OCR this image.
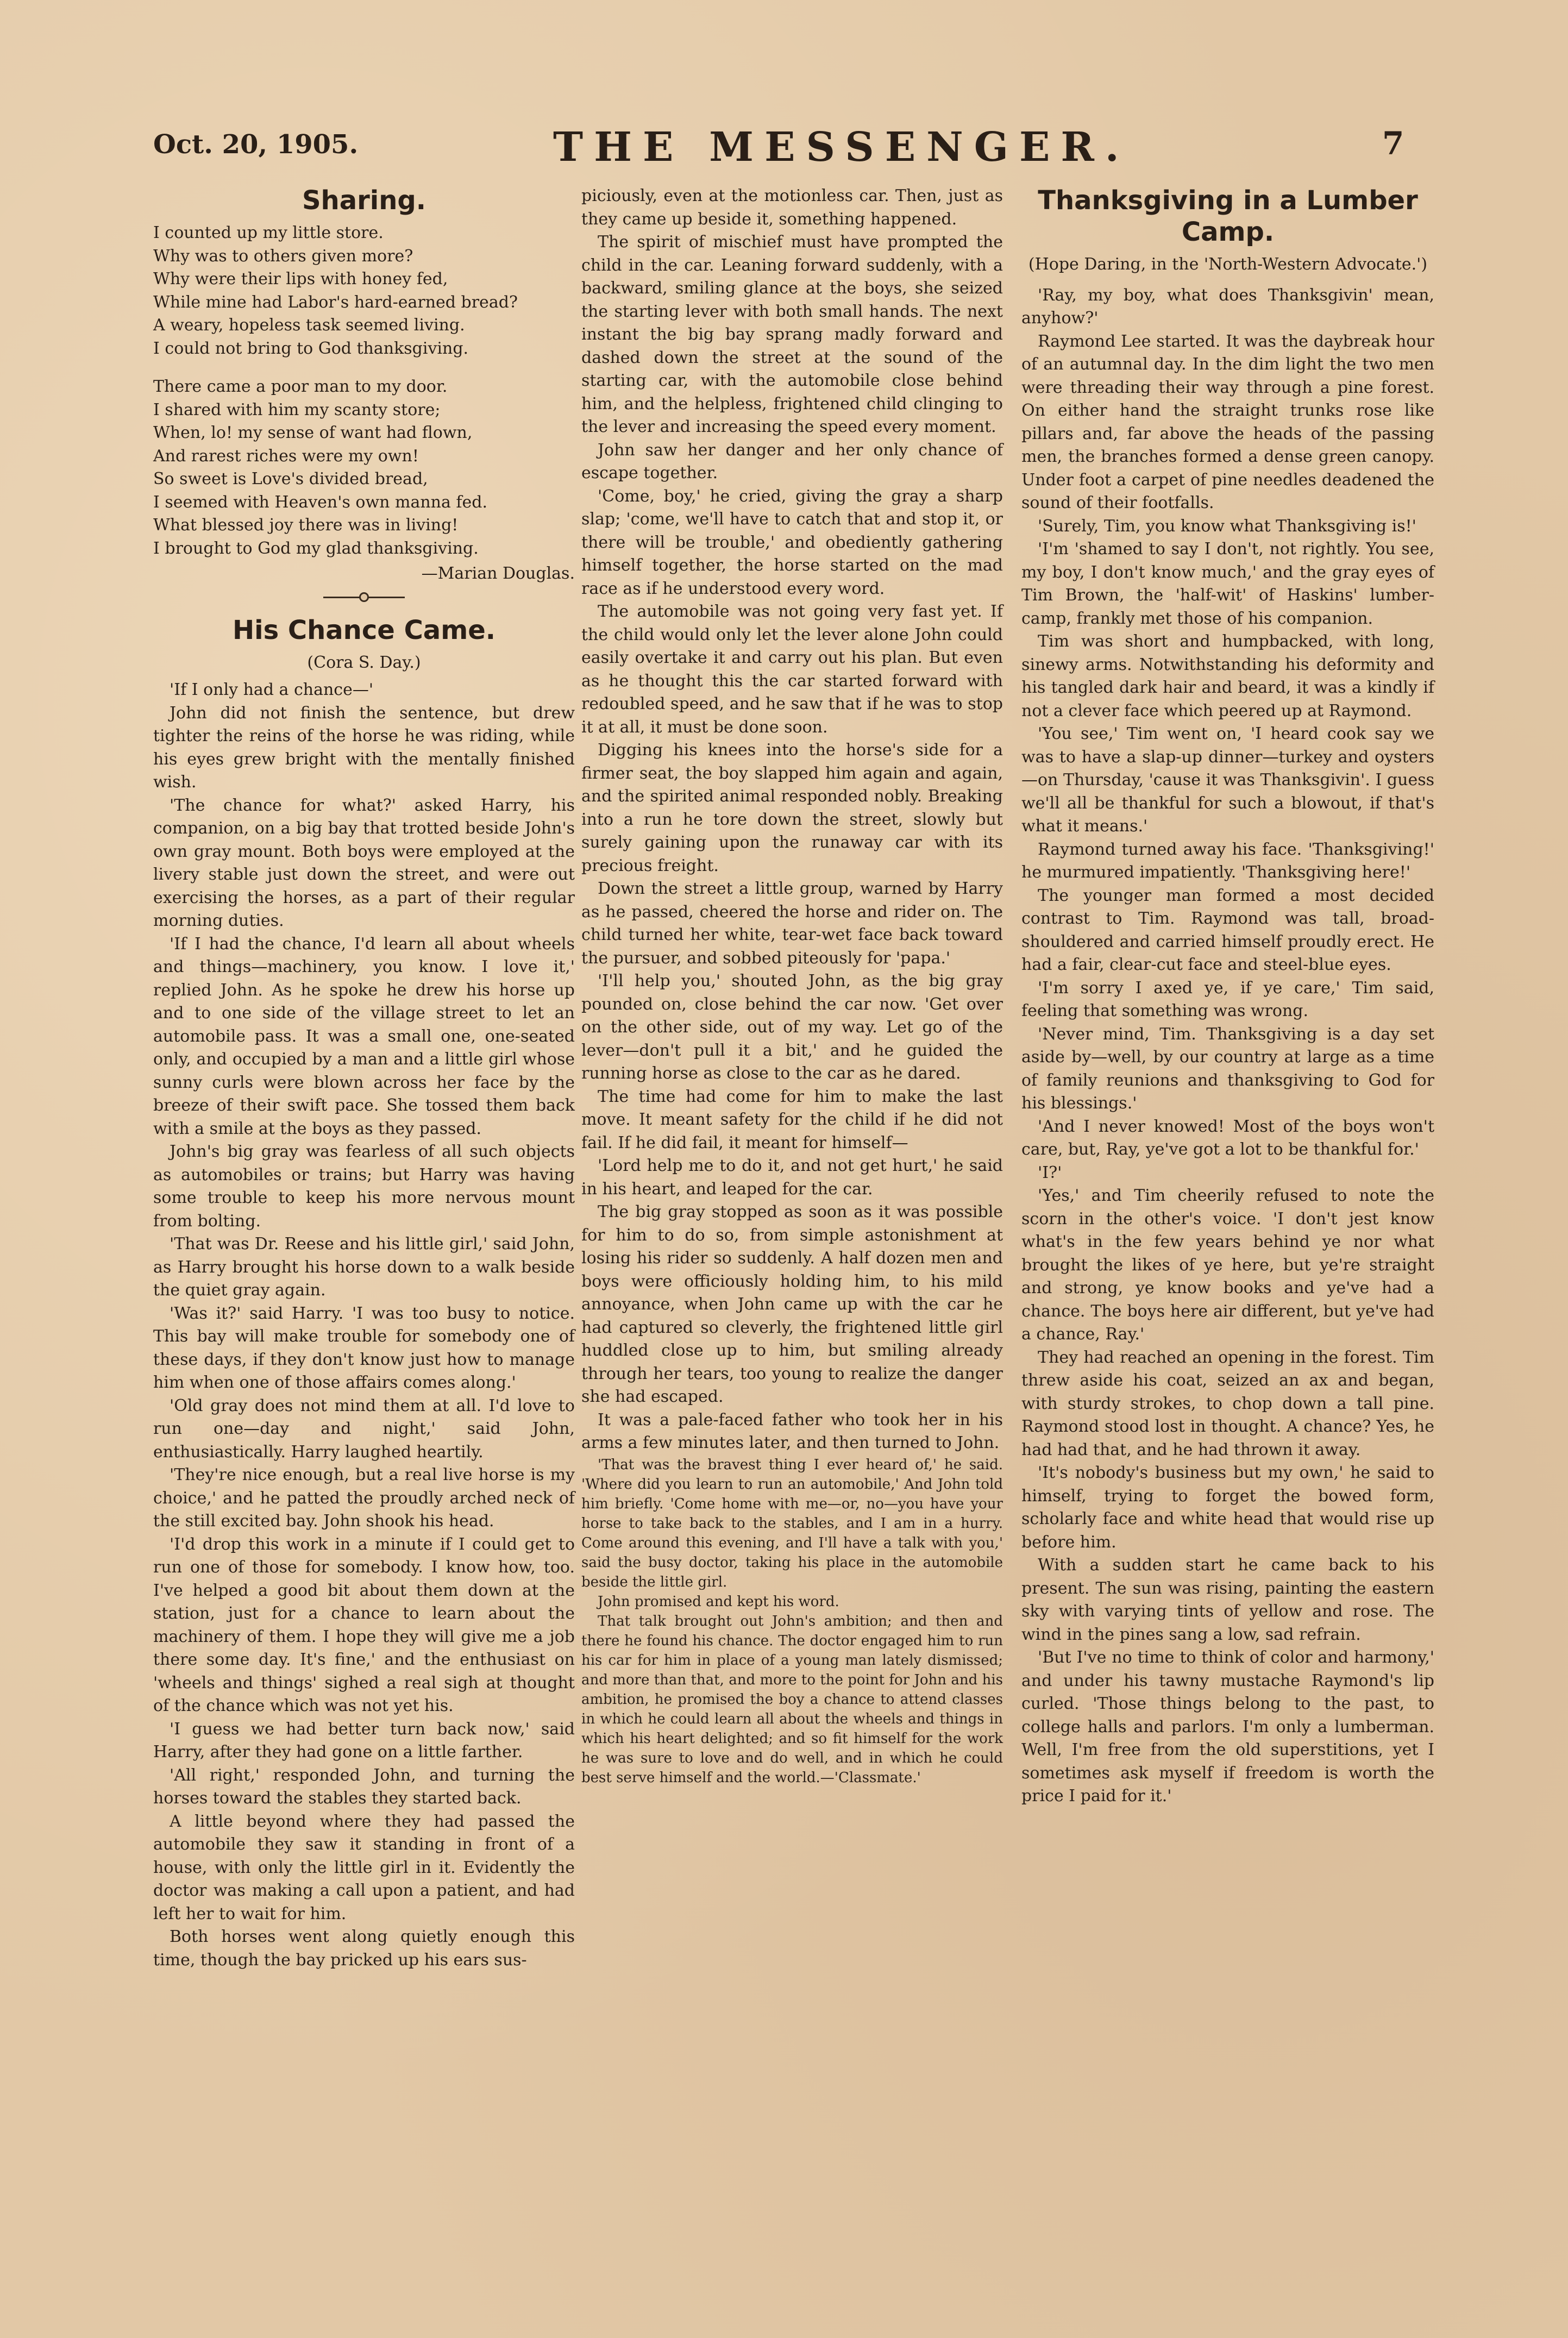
Oct. 20, 1905.	THE MESSENGER.	7
Sharing.
I counted up my little store.
Why was to others given more?
Why were their lips with honey fed,
While mine had Labor's hard-earned bread?
A weary, hopeless task seemed living.
I could not bring to God thanksgiving.
There came a poor man to my door.
I shared with him my scanty store;
When, lo! my sense of want had flown,
And rarest riches were my own!
So sweet is Love's divided bread,
I seemed with Heaven's own manna fed.
What blessed joy there was in living!
I brought to God my glad thanksgiving.
—Marian Douglas.
His Chance Came.
(Cora S. Day.)

'If I only had a chance—'

John did not finish the sentence, but drew tighter the reins of the horse he was riding, while his eyes grew bright with the mentally finished wish.

'The chance for what?' asked Harry, his companion, on a big bay that trotted beside John's own gray mount. Both boys were employed at the livery stable just down the street, and were out exercising the horses, as a part of their regular morning duties.

'If I had the chance, I'd learn all about wheels and things—machinery, you know. I love it,' replied John. As he spoke he drew his horse up and to one side of the village street to let an automobile pass. It was a small one, one-seated only, and occupied by a man and a little girl whose sunny curls were blown across her face by the breeze of their swift pace. She tossed them back with a smile at the boys as they passed.

John's big gray was fearless of all such objects as automobiles or trains; but Harry was having some trouble to keep his more nervous mount from bolting.

'That was Dr. Reese and his little girl,' said John, as Harry brought his horse down to a walk beside the quiet gray again.

'Was it?' said Harry. 'I was too busy to notice. This bay will make trouble for somebody one of these days, if they don't know just how to manage him when one of those affairs comes along.'

'Old gray does not mind them at all. I'd love to run one—day and night,' said John, enthusiastically. Harry laughed heartily.

'They're nice enough, but a real live horse is my choice,' and he patted the proudly arched neck of the still excited bay. John shook his head.

'I'd drop this work in a minute if I could get to run one of those for somebody. I know how, too. I've helped a good bit about them down at the station, just for a chance to learn about the machinery of them. I hope they will give me a job there some day. It's fine,' and the enthusiast on 'wheels and things' sighed a real sigh at thought of the chance which was not yet his.

'I guess we had better turn back now,' said Harry, after they had gone on a little farther.

'All right,' responded John, and turning the horses toward the stables they started back.

A little beyond where they had passed the automobile they saw it standing in front of a house, with only the little girl in it. Evidently the doctor was making a call upon a patient, and had left her to wait for him.

Both horses went along quietly enough this time, though the bay pricked up his ears sus-

piciously, even at the motionless car. Then, just as they came up beside it, something happened.

The spirit of mischief must have prompted the child in the car. Leaning forward suddenly, with a backward, smiling glance at the boys, she seized the starting lever with both small hands. The next instant the big bay sprang madly forward and dashed down the street at the sound of the starting car, with the automobile close behind him, and the helpless, frightened child clinging to the lever and increasing the speed every moment.

John saw her danger and her only chance of escape together.

'Come, boy,' he cried, giving the gray a sharp slap; 'come, we'll have to catch that and stop it, or there will be trouble,' and obediently gathering himself together, the horse started on the mad race as if he understood every word.

The automobile was not going very fast yet. If the child would only let the lever alone John could easily overtake it and carry out his plan. But even as he thought this the car started forward with redoubled speed, and he saw that if he was to stop it at all, it must be done soon.

Digging his knees into the horse's side for a firmer seat, the boy slapped him again and again, and the spirited animal responded nobly. Breaking into a run he tore down the street, slowly but surely gaining upon the runaway car with its precious freight.

Down the street a little group, warned by Harry as he passed, cheered the horse and rider on. The child turned her white, tear-wet face back toward the pursuer, and sobbed piteously for 'papa.'

'I'll help you,' shouted John, as the big gray pounded on, close behind the car now. 'Get over on the other side, out of my way. Let go of the lever—don't pull it a bit,' and he guided the running horse as close to the car as he dared.

The time had come for him to make the last move. It meant safety for the child if he did not fail. If he did fail, it meant for himself—

'Lord help me to do it, and not get hurt,' he said in his heart, and leaped for the car.

The big gray stopped as soon as it was possible for him to do so, from simple astonishment at losing his rider so suddenly. A half dozen men and boys were officiously holding him, to his mild annoyance, when John came up with the car he had captured so cleverly, the frightened little girl huddled close up to him, but smiling already through her tears, too young to realize the danger she had escaped.

It was a pale-faced father who took her in his arms a few minutes later, and then turned to John.

'That was the bravest thing I ever heard of,' he said. 'Where did you learn to run an automobile,' And John told him briefly. 'Come home with me—or, no—you have your horse to take back to the stables, and I am in a hurry. Come around this evening, and I'll have a talk with you,' said the busy doctor, taking his place in the automobile beside the little girl.

John promised and kept his word.

That talk brought out John's ambition; and then and there he found his chance. The doctor engaged him to run his car for him in place of a young man lately dismissed; and more than that, and more to the point for John and his ambition, he promised the boy a chance to attend classes in which he could learn all about the wheels and things in which his heart delighted; and so fit himself for the work he was sure to love and do well, and in which he could best serve himself and the world.—'Classmate.'

Thanksgiving in a Lumber Camp.
(Hope Daring, in the 'North-Western Advocate.')

'Ray, my boy, what does Thanksgivin' mean, anyhow?'

Raymond Lee started. It was the daybreak hour of an autumnal day. In the dim light the two men were threading their way through a pine forest. On either hand the straight trunks rose like pillars and, far above the heads of the passing men, the branches formed a dense green canopy. Under foot a carpet of pine needles deadened the sound of their footfalls.

'Surely, Tim, you know what Thanksgiving is!'

'I'm 'shamed to say I don't, not rightly. You see, my boy, I don't know much,' and the gray eyes of Tim Brown, the 'half-wit' of Haskins' lumber-camp, frankly met those of his companion.

Tim was short and humpbacked, with long, sinewy arms. Notwithstanding his deformity and his tangled dark hair and beard, it was a kindly if not a clever face which peered up at Raymond.

'You see,' Tim went on, 'I heard cook say we was to have a slap-up dinner—turkey and oysters—on Thursday, 'cause it was Thanksgivin'. I guess we'll all be thankful for such a blowout, if that's what it means.'

Raymond turned away his face. 'Thanksgiving!' he murmured impatiently. 'Thanksgiving here!'

The younger man formed a most decided contrast to Tim. Raymond was tall, broad-shouldered and carried himself proudly erect. He had a fair, clear-cut face and steel-blue eyes.

'I'm sorry I axed ye, if ye care,' Tim said, feeling that something was wrong.

'Never mind, Tim. Thanksgiving is a day set aside by—well, by our country at large as a time of family reunions and thanksgiving to God for his blessings.'

'And I never knowed! Most of the boys won't care, but, Ray, ye've got a lot to be thankful for.'

'I?'

'Yes,' and Tim cheerily refused to note the scorn in the other's voice. 'I don't jest know what's in the few years behind ye nor what brought the likes of ye here, but ye're straight and strong, ye know books and ye've had a chance. The boys here air different, but ye've had a chance, Ray.'

They had reached an opening in the forest. Tim threw aside his coat, seized an ax and began, with sturdy strokes, to chop down a tall pine. Raymond stood lost in thought. A chance? Yes, he had had that, and he had thrown it away.

'It's nobody's business but my own,' he said to himself, trying to forget the bowed form, scholarly face and white head that would rise up before him.

With a sudden start he came back to his present. The sun was rising, painting the eastern sky with varying tints of yellow and rose. The wind in the pines sang a low, sad refrain.

'But I've no time to think of color and harmony,' and under his tawny mustache Raymond's lip curled. 'Those things belong to the past, to college halls and parlors. I'm only a lumberman. Well, I'm free from the old superstitions, yet I sometimes ask myself if freedom is worth the price I paid for it.'
